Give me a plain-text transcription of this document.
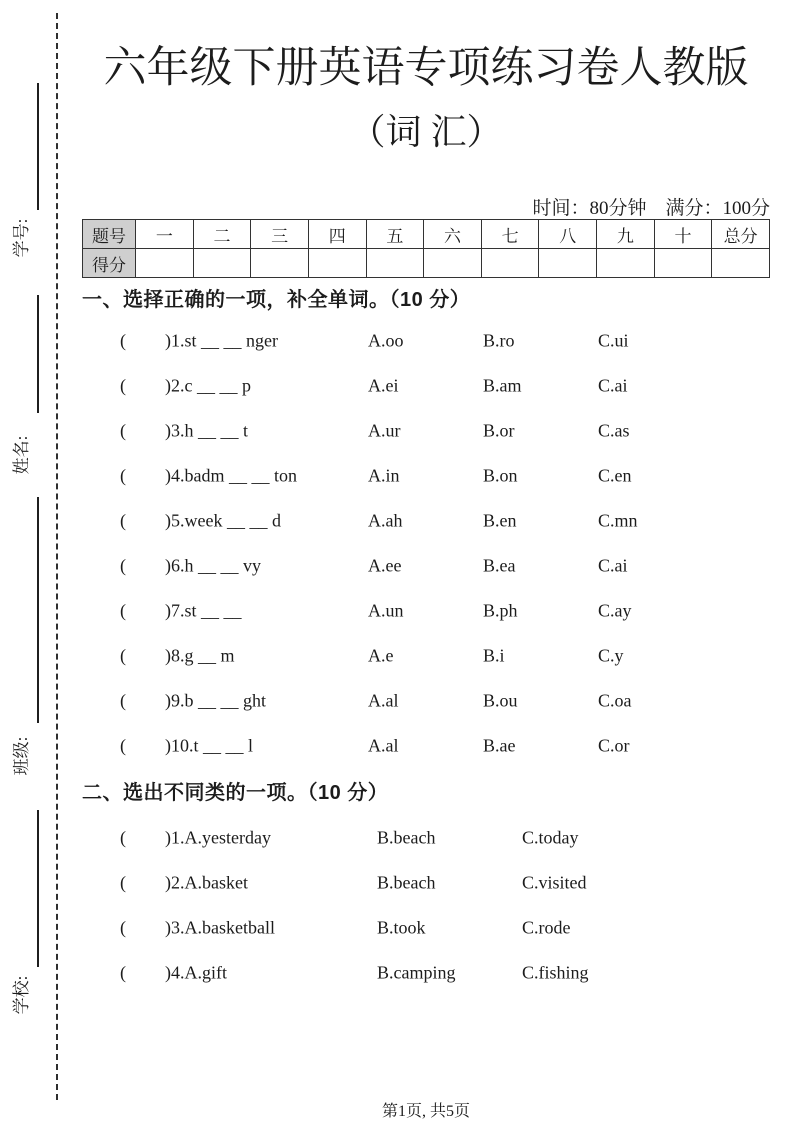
学号:
姓名:
班级:
学校:
六年级下册英语专项练习卷人教版
（词 汇）
时间：80分钟　满分：100分
题号	一	二	三	四	五	六	七	八	九	十	总分
得分											
一、选择正确的一项，补全单词。（10 分）
( )1.st __ __ nger	A.oo	B.ro	C.ui
( )2.c __ __ p	A.ei	B.am	C.ai
( )3.h __ __ t	A.ur	B.or	C.as
( )4.badm __ __ ton	A.in	B.on	C.en
( )5.week __ __ d	A.ah	B.en	C.mn
( )6.h __ __ vy	A.ee	B.ea	C.ai
( )7.st __ __	A.un	B.ph	C.ay
( )8.g __ m	A.e	B.i	C.y
( )9.b __ __ ght	A.al	B.ou	C.oa
( )10.t __ __ l	A.al	B.ae	C.or
二、选出不同类的一项。（10 分）
( )1.A.yesterday	B.beach	C.today
( )2.A.basket	B.beach	C.visited
( )3.A.basketball	B.took	C.rode
( )4.A.gift	B.camping	C.fishing
第1页, 共5页
